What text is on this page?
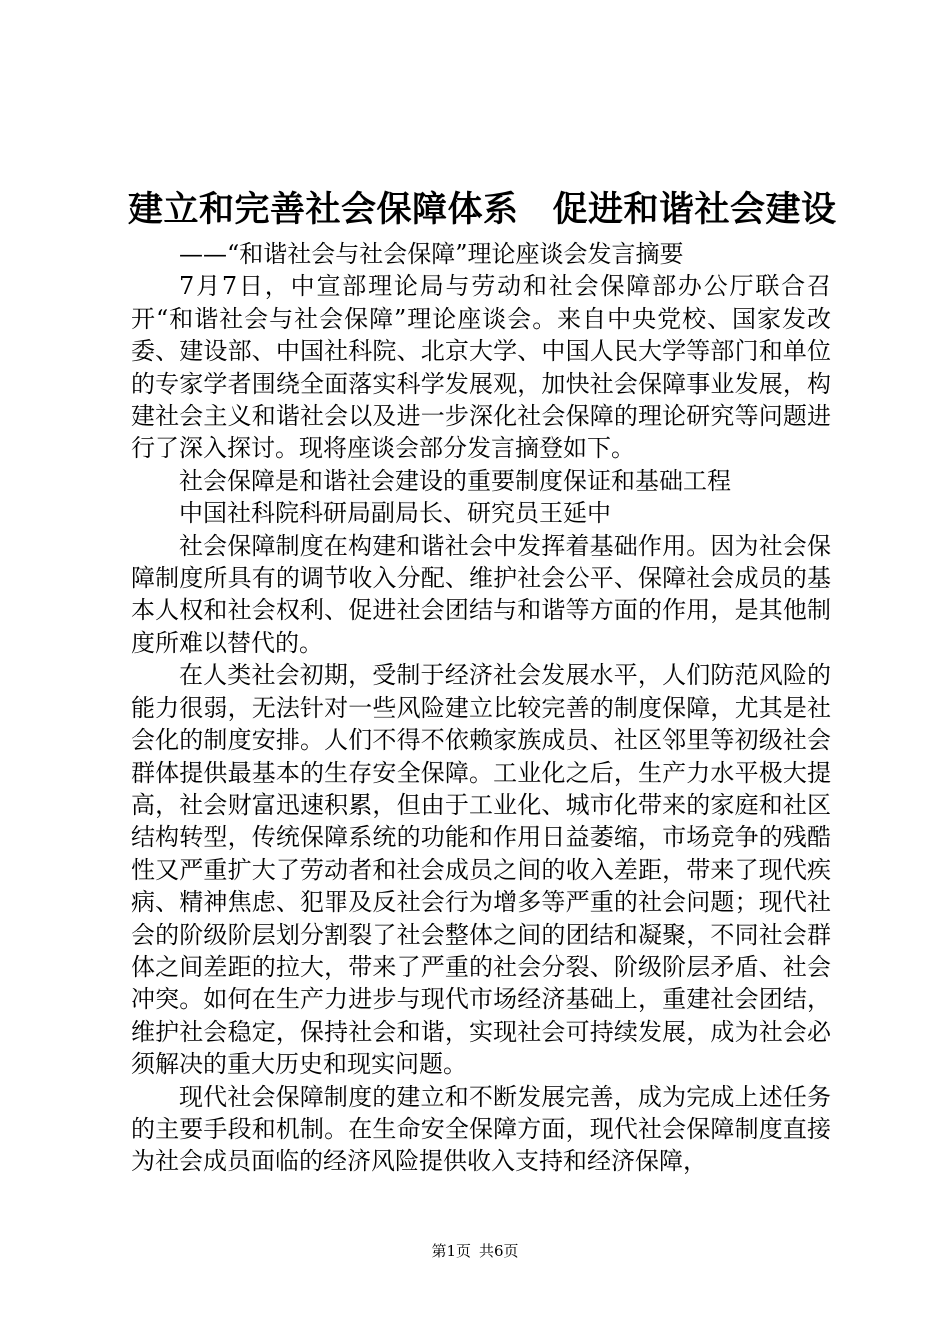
建立和完善社会保障体系 促进和谐社会建设

——“和谐社会与社会保障”理论座谈会发言摘要

7月7日，中宣部理论局与劳动和社会保障部办公厅联合召开“和谐社会与社会保障”理论座谈会。来自中央党校、国家发改委、建设部、中国社科院、北京大学、中国人民大学等部门和单位的专家学者围绕全面落实科学发展观，加快社会保障事业发展，构建社会主义和谐社会以及进一步深化社会保障的理论研究等问题进行了深入探讨。现将座谈会部分发言摘登如下。

社会保障是和谐社会建设的重要制度保证和基础工程

中国社科院科研局副局长、研究员王延中

社会保障制度在构建和谐社会中发挥着基础作用。因为社会保障制度所具有的调节收入分配、维护社会公平、保障社会成员的基本人权和社会权利、促进社会团结与和谐等方面的作用，是其他制度所难以替代的。

在人类社会初期，受制于经济社会发展水平，人们防范风险的能力很弱，无法针对一些风险建立比较完善的制度保障，尤其是社会化的制度安排。人们不得不依赖家族成员、社区邻里等初级社会群体提供最基本的生存安全保障。工业化之后，生产力水平极大提高，社会财富迅速积累，但由于工业化、城市化带来的家庭和社区结构转型，传统保障系统的功能和作用日益萎缩，市场竞争的残酷性又严重扩大了劳动者和社会成员之间的收入差距，带来了现代疾病、精神焦虑、犯罪及反社会行为增多等严重的社会问题；现代社会的阶级阶层划分割裂了社会整体之间的团结和凝聚，不同社会群体之间差距的拉大，带来了严重的社会分裂、阶级阶层矛盾、社会冲突。如何在生产力进步与现代市场经济基础上，重建社会团结，维护社会稳定，保持社会和谐，实现社会可持续发展，成为社会必须解决的重大历史和现实问题。

现代社会保障制度的建立和不断发展完善，成为完成上述任务的主要手段和机制。在生命安全保障方面，现代社会保障制度直接为社会成员面临的经济风险提供收入支持和经济保障，

第1页 共6页
